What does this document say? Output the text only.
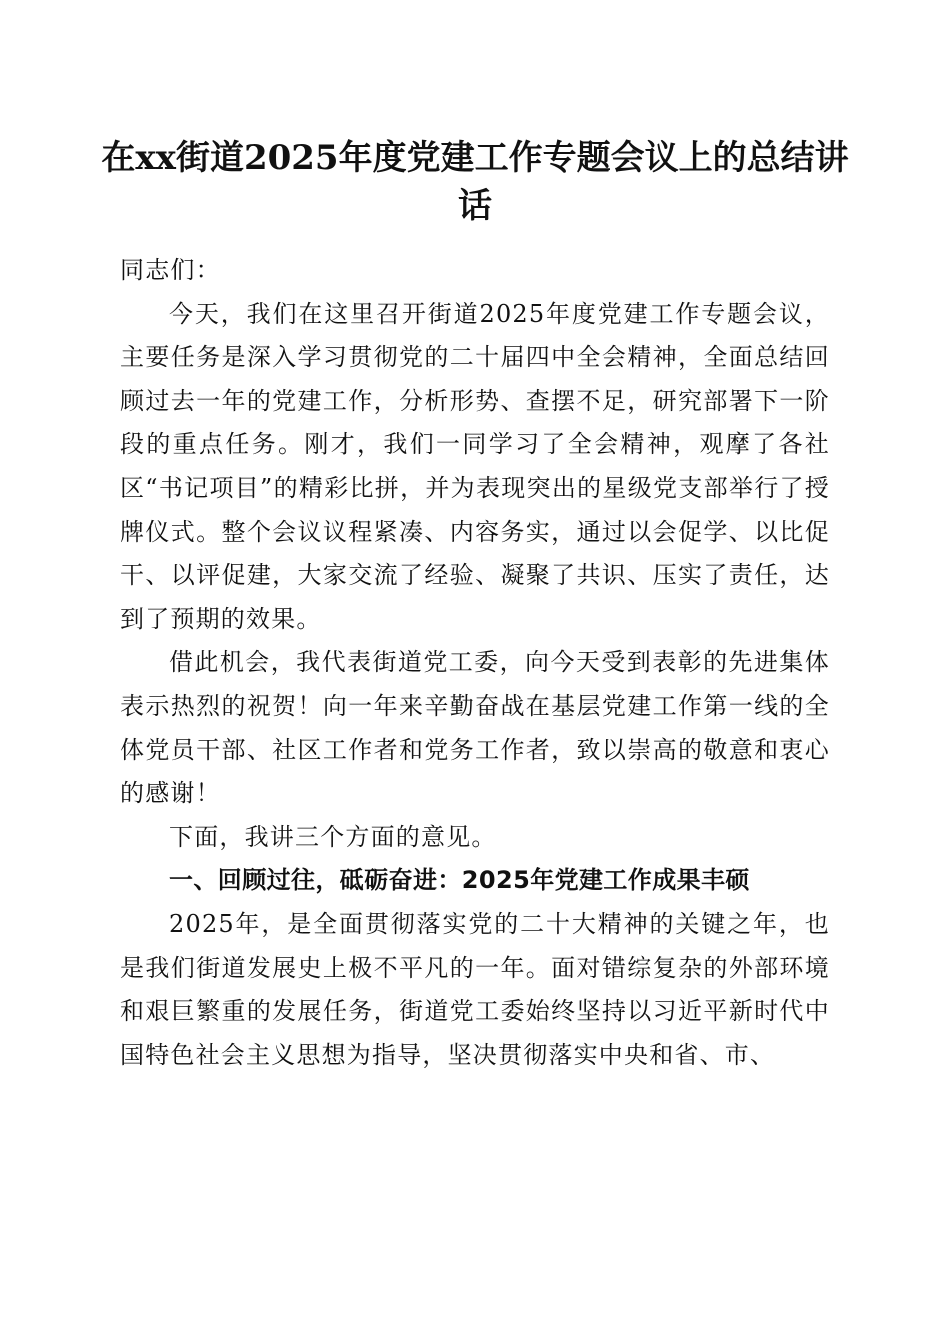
在xx街道2025年度党建工作专题会议上的总结讲话

同志们：

今天，我们在这里召开街道2025年度党建工作专题会议，主要任务是深入学习贯彻党的二十届四中全会精神，全面总结回顾过去一年的党建工作，分析形势、查摆不足，研究部署下一阶段的重点任务。刚才，我们一同学习了全会精神，观摩了各社区“书记项目”的精彩比拼，并为表现突出的星级党支部举行了授牌仪式。整个会议议程紧凑、内容务实，通过以会促学、以比促干、以评促建，大家交流了经验、凝聚了共识、压实了责任，达到了预期的效果。

借此机会，我代表街道党工委，向今天受到表彰的先进集体表示热烈的祝贺！向一年来辛勤奋战在基层党建工作第一线的全体党员干部、社区工作者和党务工作者，致以崇高的敬意和衷心的感谢！

下面，我讲三个方面的意见。

一、回顾过往，砥砺奋进：2025年党建工作成果丰硕

2025年，是全面贯彻落实党的二十大精神的关键之年，也是我们街道发展史上极不平凡的一年。面对错综复杂的外部环境和艰巨繁重的发展任务，街道党工委始终坚持以习近平新时代中国特色社会主义思想为指导，坚决贯彻落实中央和省、市、
